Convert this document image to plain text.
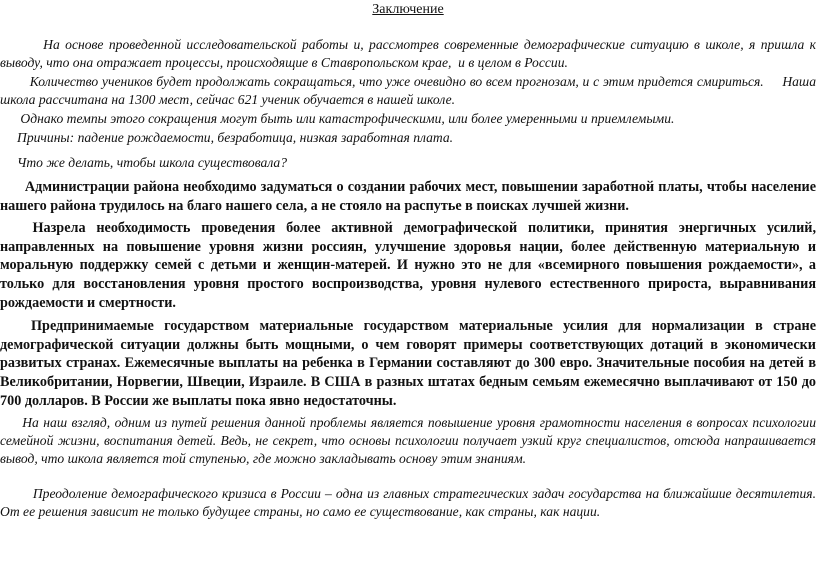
Заключение

На основе проведенной исследовательской работы и, рассмотрев современные демографические ситуацию в школе, я пришла к выводу, что она отражает процессы, происходящие в Ставропольском крае,  и в целом в России.

Количество учеников будет продолжать сокращаться, что уже очевидно во всем прогнозам, и с этим придется смириться.     Наша школа рассчитана на 1300 мест, сейчас 621 ученик обучается в нашей школе.

Однако темпы этого сокращения могут быть или катастрофическими, или более умеренными и приемлемыми.

Причины: падение рождаемости, безработица, низкая заработная плата.

Что же делать, чтобы школа существовала?

Администрации района необходимо задуматься о создании рабочих мест, повышении заработной платы, чтобы население нашего района трудилось на благо нашего села, а не стояло на распутье в поисках лучшей жизни.

Назрела необходимость проведения более активной демографической политики, принятия энергичных усилий, направленных на повышение уровня жизни россиян, улучшение здоровья нации, более действенную материальную и моральную поддержку семей с детьми и женщин-матерей. И нужно это не для «всемирного повышения рождаемости», а только для восстановления уровня простого воспроизводства, уровня нулевого естественного прироста, выравнивания рождаемости и смертности.

Предпринимаемые государством материальные государством материальные усилия для нормализации в стране демографической ситуации должны быть мощными, о чем говорят примеры соответствующих дотаций в экономически развитых странах. Ежемесячные выплаты на ребенка в Германии составляют до 300 евро. Значительные пособия на детей в Великобритании, Норвегии, Швеции, Израиле. В США в разных штатах бедным семьям ежемесячно выплачивают от 150 до 700 долларов. В России же выплаты пока явно недостаточны.

На наш взгляд, одним из путей решения данной проблемы является повышение уровня грамотности населения в вопросах психологии семейной жизни, воспитания детей. Ведь, не секрет, что основы психологии получает узкий круг специалистов, отсюда напрашивается вывод, что школа является той ступенью, где можно закладывать основу этим знаниям.

Преодоление демографического кризиса в России – одна из главных стратегических задач государства на ближайшие десятилетия. От ее решения зависит не только будущее страны, но само ее существование, как страны, как нации.
